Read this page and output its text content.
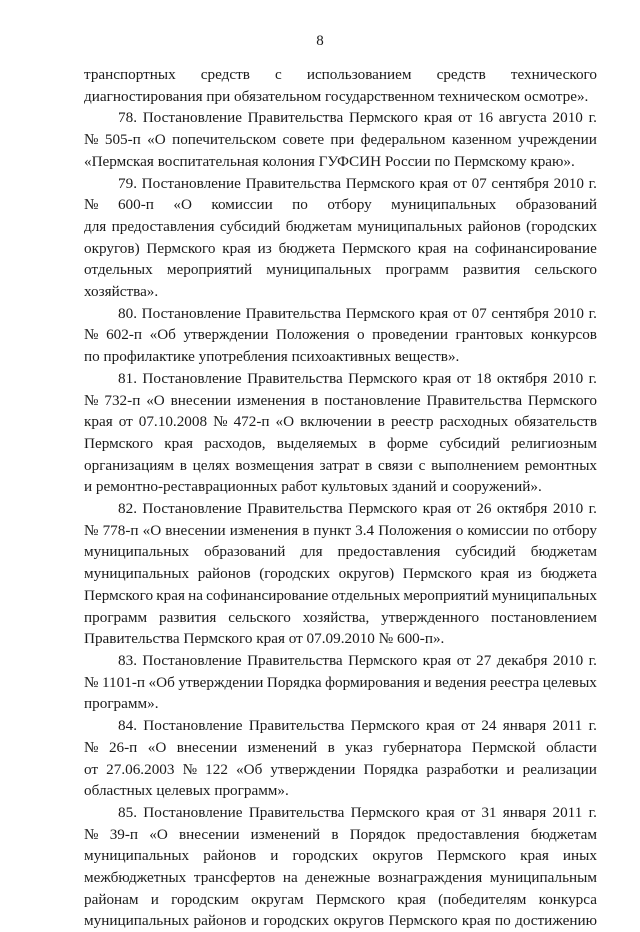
8
транспортных средств с использованием средств технического
диагностирования при обязательном государственном техническом осмотре».
78. Постановление Правительства Пермского края от 16 августа 2010 г.
№ 505-п «О попечительском совете при федеральном казенном учреждении
«Пермская воспитательная колония ГУФСИН России по Пермскому краю».
79. Постановление Правительства Пермского края от 07 сентября 2010 г.
№ 600-п «О комиссии по отбору муниципальных образований
для предоставления субсидий бюджетам муниципальных районов (городских
округов) Пермского края из бюджета Пермского края на софинансирование
отдельных мероприятий муниципальных программ развития сельского
хозяйства».
80. Постановление Правительства Пермского края от 07 сентября 2010 г.
№ 602-п «Об утверждении Положения о проведении грантовых конкурсов
по профилактике употребления психоактивных веществ».
81. Постановление Правительства Пермского края от 18 октября 2010 г.
№ 732-п «О внесении изменения в постановление Правительства Пермского
края от 07.10.2008 № 472-п «О включении в реестр расходных обязательств
Пермского края расходов, выделяемых в форме субсидий религиозным
организациям в целях возмещения затрат в связи с выполнением ремонтных
и ремонтно-реставрационных работ культовых зданий и сооружений».
82. Постановление Правительства Пермского края от 26 октября 2010 г.
№ 778-п «О внесении изменения в пункт 3.4 Положения о комиссии по отбору
муниципальных образований для предоставления субсидий бюджетам
муниципальных районов (городских округов) Пермского края из бюджета
Пермского края на софинансирование отдельных мероприятий муниципальных
программ развития сельского хозяйства, утвержденного постановлением
Правительства Пермского края от 07.09.2010 № 600-п».
83. Постановление Правительства Пермского края от 27 декабря 2010 г.
№ 1101-п «Об утверждении Порядка формирования и ведения реестра целевых
программ».
84. Постановление Правительства Пермского края от 24 января 2011 г.
№ 26-п «О внесении изменений в указ губернатора Пермской области
от 27.06.2003 № 122 «Об утверждении Порядка разработки и реализации
областных целевых программ».
85. Постановление Правительства Пермского края от 31 января 2011 г.
№ 39-п «О внесении изменений в Порядок предоставления бюджетам
муниципальных районов и городских округов Пермского края иных
межбюджетных трансфертов на денежные вознаграждения муниципальным
районам и городским округам Пермского края (победителям конкурса
муниципальных районов и городских округов Пермского края по достижению
